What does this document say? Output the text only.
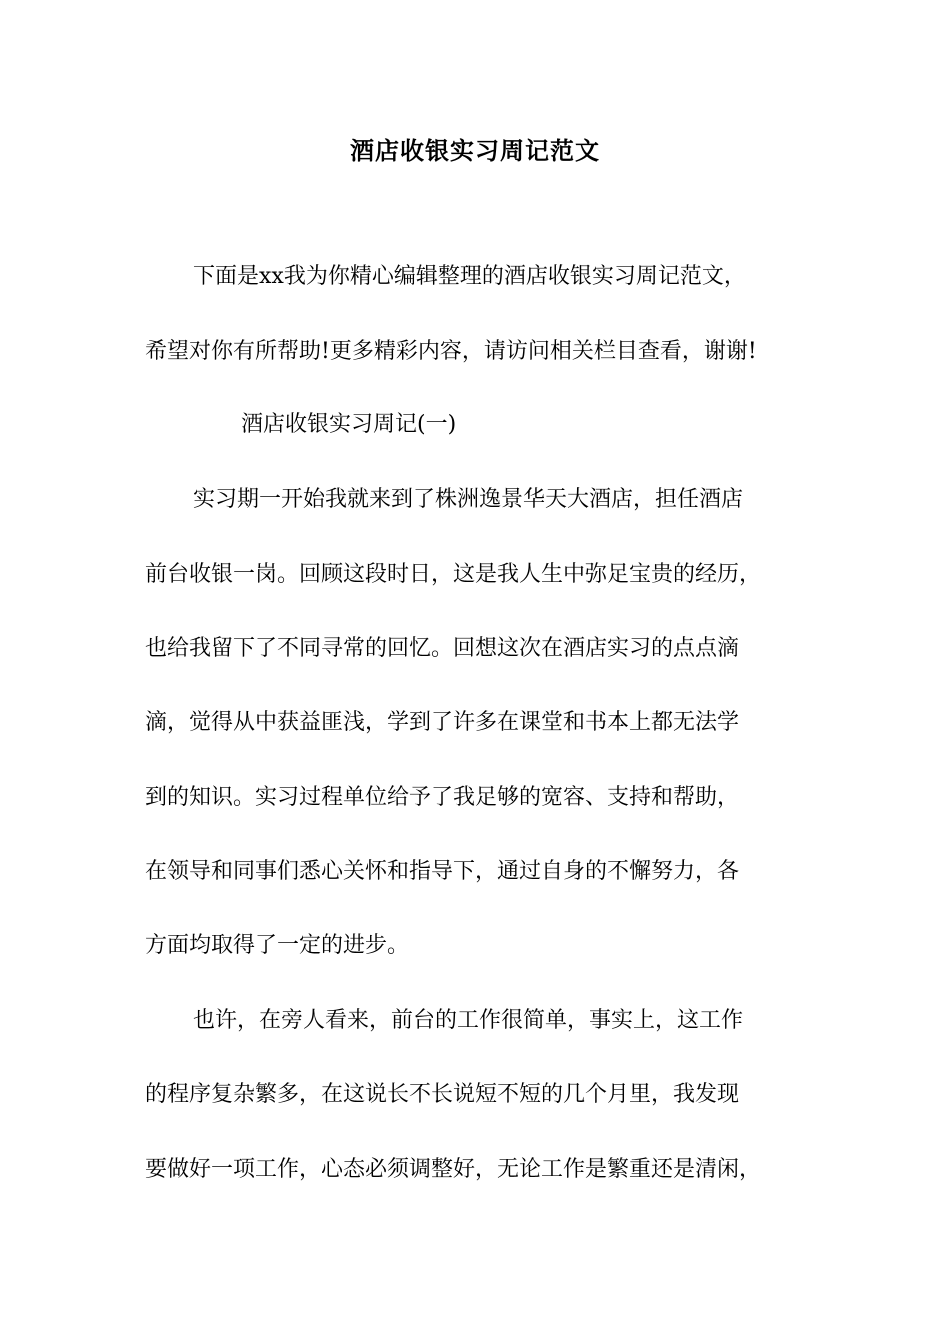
酒店收银实习周记范文
下面是xx我为你精心编辑整理的酒店收银实习周记范文，
希望对你有所帮助!更多精彩内容，请访问相关栏目查看，谢谢!
酒店收银实习周记(一)
实习期一开始我就来到了株洲逸景华天大酒店，担任酒店
前台收银一岗。回顾这段时日，这是我人生中弥足宝贵的经历，
也给我留下了不同寻常的回忆。回想这次在酒店实习的点点滴
滴，觉得从中获益匪浅，学到了许多在课堂和书本上都无法学
到的知识。实习过程单位给予了我足够的宽容、支持和帮助，
在领导和同事们悉心关怀和指导下，通过自身的不懈努力，各
方面均取得了一定的进步。
也许，在旁人看来，前台的工作很简单，事实上，这工作
的程序复杂繁多，在这说长不长说短不短的几个月里，我发现
要做好一项工作，心态必须调整好，无论工作是繁重还是清闲，
